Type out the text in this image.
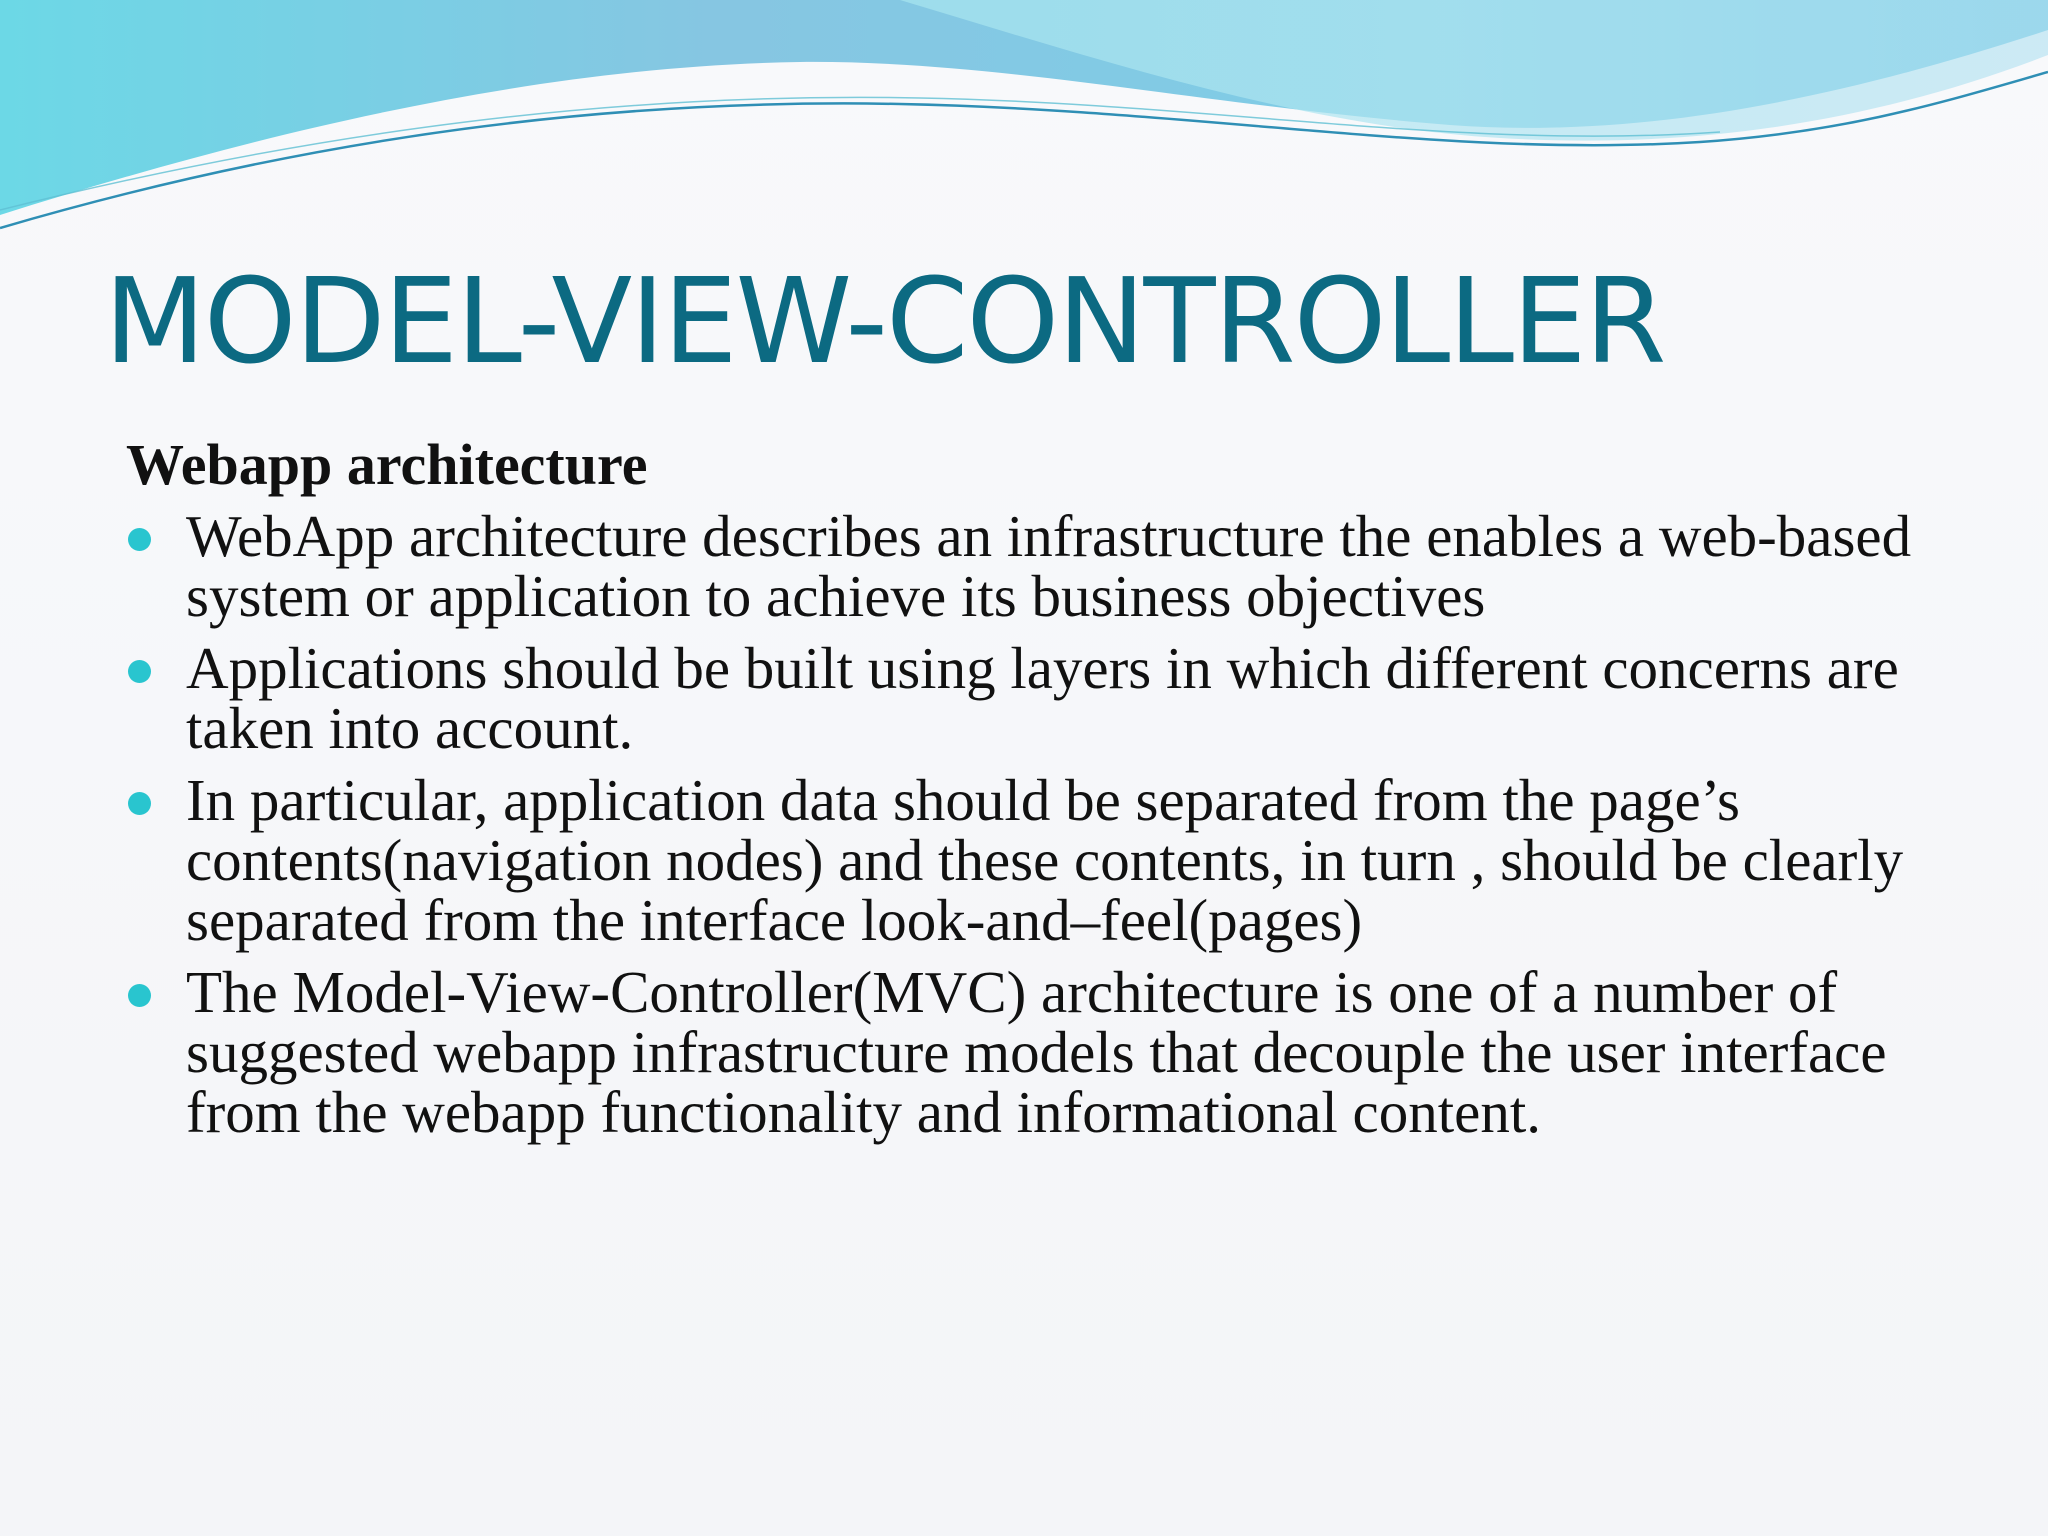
MODEL-VIEW-CONTROLLER
Webapp architecture
WebApp architecture describes an infrastructure the enables a web-based system or application to achieve its business objectives
Applications should be built using layers in which different concerns are taken into account.
In particular, application data should be separated from the page’s contents(navigation nodes) and these contents, in turn , should be clearly separated from the interface look-and–feel(pages)
The Model-View-Controller(MVC) architecture is one of a number of suggested webapp infrastructure models that decouple the user interface from the webapp functionality and informational content.
